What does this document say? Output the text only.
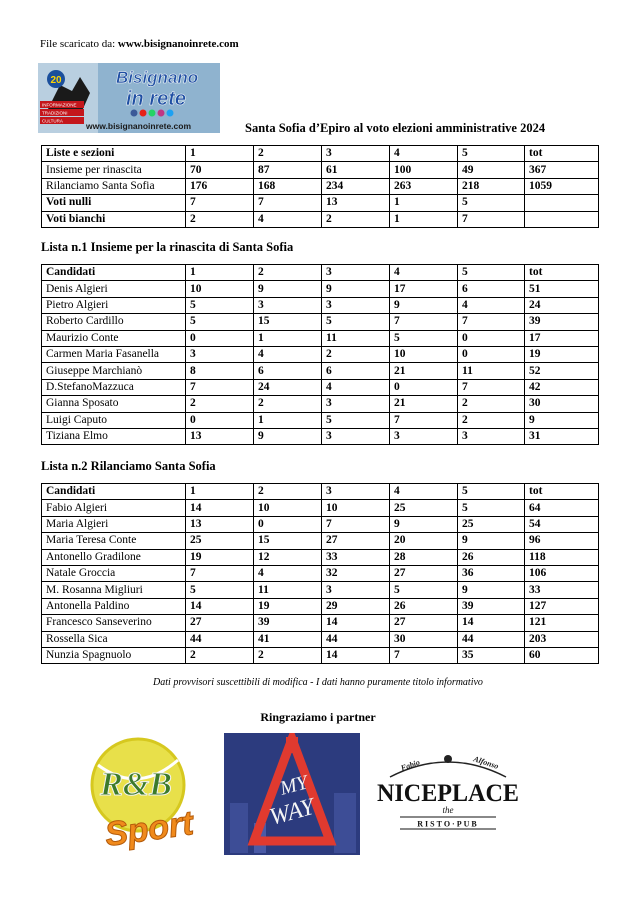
File scaricato da: www.bisignanoinrete.com
20	Bisignano
in rete
INFORMAZIONE
TRADIZIONI
CULTURA	www.bisignanoinrete.com	Santa Sofia d’Epiro al voto elezioni amministrative 2024
Liste e sezioni	1	2	3	4	5	tot
Insieme per rinascita	70	87	61	100	49	367
Rilanciamo Santa Sofia	176	168	234	263	218	1059
Voti nulli	7	7	13	1	5	
Voti bianchi	2	4	2	1	7	
Lista n.1 Insieme per la rinascita di Santa Sofia
Candidati	1	2	3	4	5	tot
Denis Algieri	10	9	9	17	6	51
Pietro Algieri	5	3	3	9	4	24
Roberto Cardillo	5	15	5	7	7	39
Maurizio Conte	0	1	11	5	0	17
Carmen Maria Fasanella	3	4	2	10	0	19
Giuseppe Marchianò	8	6	6	21	11	52
D.StefanoMazzuca	7	24	4	0	7	42
Gianna Sposato	2	2	3	21	2	30
Luigi Caputo	0	1	5	7	2	9
Tiziana Elmo	13	9	3	3	3	31
Lista n.2 Rilanciamo Santa Sofia
Candidati	1	2	3	4	5	tot
Fabio Algieri	14	10	10	25	5	64
Maria Algieri	13	0	7	9	25	54
Maria Teresa Conte	25	15	27	20	9	96
Antonello Gradilone	19	12	33	28	26	118
Natale Groccia	7	4	32	27	36	106
M. Rosanna Migliuri	5	11	3	5	9	33
Antonella Paldino	14	19	29	26	39	127
Francesco Sanseverino	27	39	14	27	14	121
Rossella Sica	44	41	44	30	44	203
Nunzia Spagnuolo	2	2	14	7	35	60
Dati provvisori suscettibili di modifica - I dati hanno puramente titolo informativo
Ringraziamo i partner
R&B
Sport
MY
WAY
Fabio	Alfonso
NICEPLACE
the
RISTO·PUB
